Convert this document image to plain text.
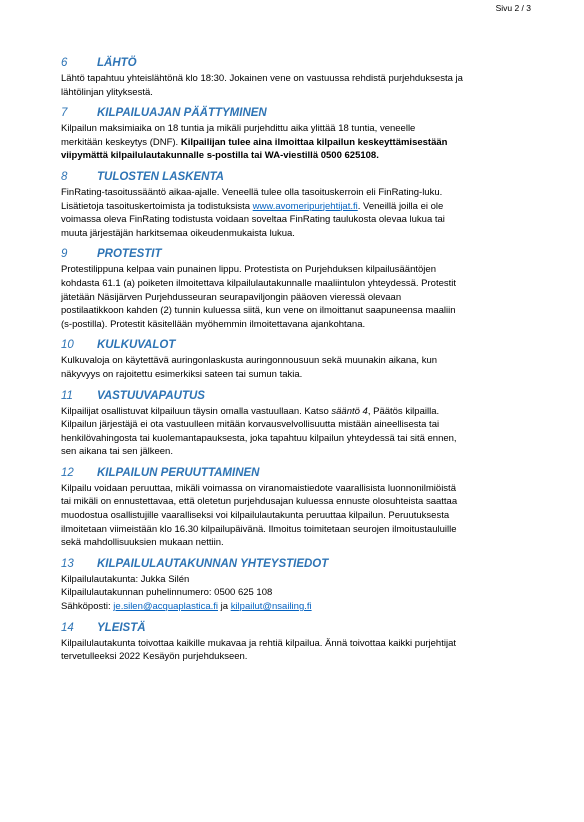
Sivu 2 / 3
6	LÄHTÖ

Lähtö tapahtuu yhteislähtönä klo 18:30. Jokainen vene on vastuussa rehdistä purjehduksesta ja
lähtölinjan ylityksestä.

7	KILPAILUAJAN PÄÄTTYMINEN

Kilpailun maksimiaika on 18 tuntia ja mikäli purjehdittu aika ylittää 18 tuntia, veneelle
merkitään keskeytys (DNF). Kilpailijan tulee aina ilmoittaa kilpailun keskeyttämisestään
viipymättä kilpailulautakunnalle s-postilla tai WA-viestillä 0500 625108.

8	TULOSTEN LASKENTA

FinRating-tasoitussääntö aikaa-ajalle. Veneellä tulee olla tasoituskerroin eli FinRating-luku.
Lisätietoja tasoituskertoimista ja todistuksista www.avomeripurjehtijat.fi. Veneillä joilla ei ole
voimassa oleva FinRating todistusta voidaan soveltaa FinRating taulukosta olevaa lukua tai
muuta järjestäjän harkitsemaa oikeudenmukaista lukua.

9	PROTESTIT

Protestilippuna kelpaa vain punainen lippu. Protestista on Purjehduksen kilpailusääntöjen
kohdasta 61.1 (a) poiketen ilmoitettava kilpailulautakunnalle maaliintulon yhteydessä. Protestit
jätetään Näsijärven Purjehdusseuran seurapaviljongin pääoven vieressä olevaan
postilaatikkoon kahden (2) tunnin kuluessa siitä, kun vene on ilmoittanut saapuneensa maaliin
(s-postilla). Protestit käsitellään myöhemmin ilmoitettavana ajankohtana.

10	KULKUVALOT

Kulkuvaloja on käytettävä auringonlaskusta auringonnousuun sekä muunakin aikana, kun
näkyvyys on rajoitettu esimerkiksi sateen tai sumun takia.

11	VASTUUVAPAUTUS

Kilpailijat osallistuvat kilpailuun täysin omalla vastuullaan. Katso sääntö 4, Päätös kilpailla.
Kilpailun järjestäjä ei ota vastuulleen mitään korvausvelvollisuutta mistään aineellisesta tai
henkilövahingosta tai kuolemantapauksesta, joka tapahtuu kilpailun yhteydessä tai sitä ennen,
sen aikana tai sen jälkeen.

12	KILPAILUN PERUUTTAMINEN

Kilpailu voidaan peruuttaa, mikäli voimassa on viranomaistiedote vaarallisista luonnonilmiöistä
tai mikäli on ennustettavaa, että oletetun purjehdusajan kuluessa ennuste olosuhteista saattaa
muodostua osallistujille vaaralliseksi voi kilpailulautakunta peruuttaa kilpailun. Peruutuksesta
ilmoitetaan viimeistään klo 16.30 kilpailupäivänä. Ilmoitus toimitetaan seurojen ilmoitustauluille
sekä mahdollisuuksien mukaan nettiin.

13	KILPAILULAUTAKUNNAN YHTEYSTIEDOT

Kilpailulautakunta: Jukka Silén
Kilpailulautakunnan puhelinnumero: 0500 625 108
Sähköposti: je.silen@acquaplastica.fi ja kilpailut@nsailing.fi

14	YLEISTÄ

Kilpailulautakunta toivottaa kaikille mukavaa ja rehtiä kilpailua. Ännä toivottaa kaikki purjehtijat
tervetulleeksi 2022 Kesäyön purjehdukseen.
